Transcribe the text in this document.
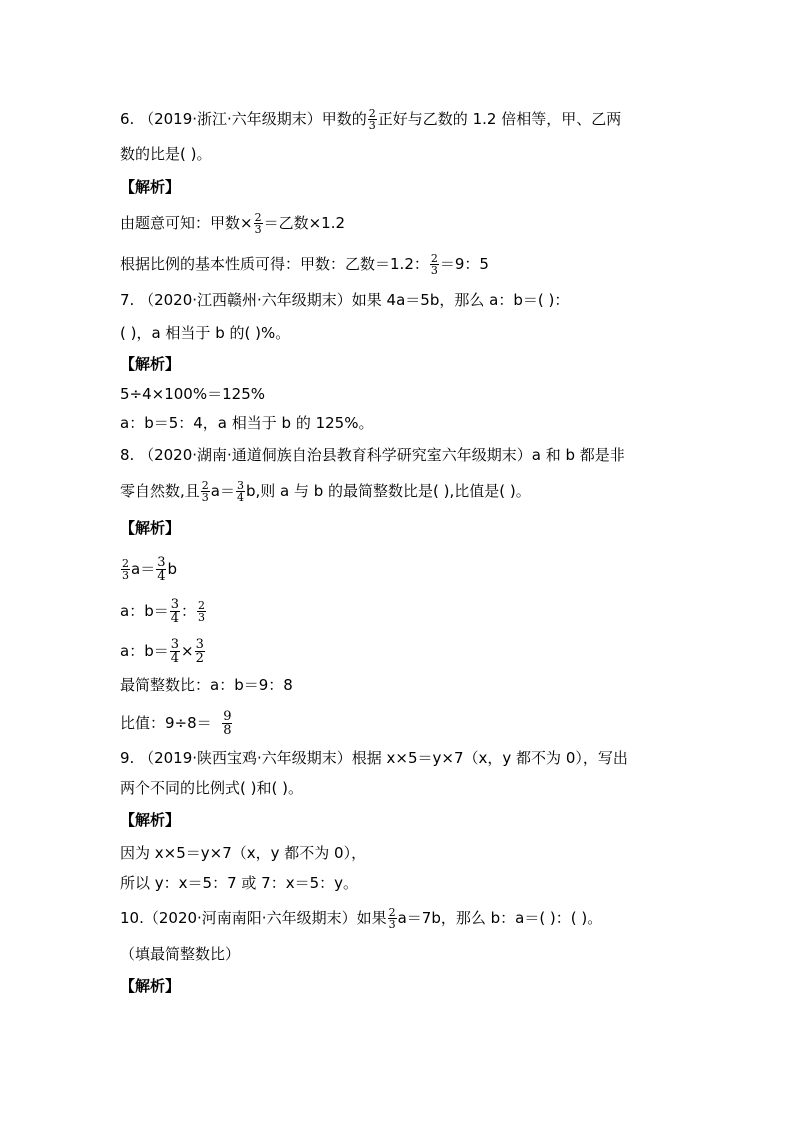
6. （2019·浙江·六年级期末）甲数的 $\frac{2}{3}$ 正好与乙数的 1.2 倍相等，甲、乙两
数的比是( )。
【解析】
由题意可知：甲数× $\frac{2}{3}$ ＝乙数×1.2
根据比例的基本性质可得：甲数：乙数＝1.2： $\frac{2}{3} =9$：5
7. （2020·江西赣州·六年级期末）如果 4a＝5b，那么 a：b＝( )：
( )，a 相当于 b 的( )%。
【解析】
5÷4×100%＝125%
a：b＝5：4，a 相当于 b 的 125%。
8. （2020·湖南·通道侗族自治县教育科学研究室六年级期末）a 和 b 都是非
零自然数,且 $\frac{2}{3} a= \frac{3}{4} b$,则 a 与 b 的最简整数比是( ),比值是( )。
【解析】
$\frac{2}{3} a= \frac{3}{4}$ b
a：$b= \frac{3}{4}$ ： $\frac{2}{3}$
a：$b= \frac{3}{4} \times \frac{3}{2}$
最简整数比：a：b＝9：8
比值：$9\div 8= \frac{9}{8}$
9. （2019·陕西宝鸡·六年级期末）根据 x×5＝y×7（x，y 都不为 0），写出
两个不同的比例式( )和( )。
【解析】
因为 x×5＝y×7（x，y 都不为 0），
所以 y：x＝5：7 或 7：x＝5：y。
10.（2020·河南南阳·六年级期末）如果 $\frac{2}{3} a=7b$，那么 b：a＝( )：( )。
（填最简整数比）
【解析】
